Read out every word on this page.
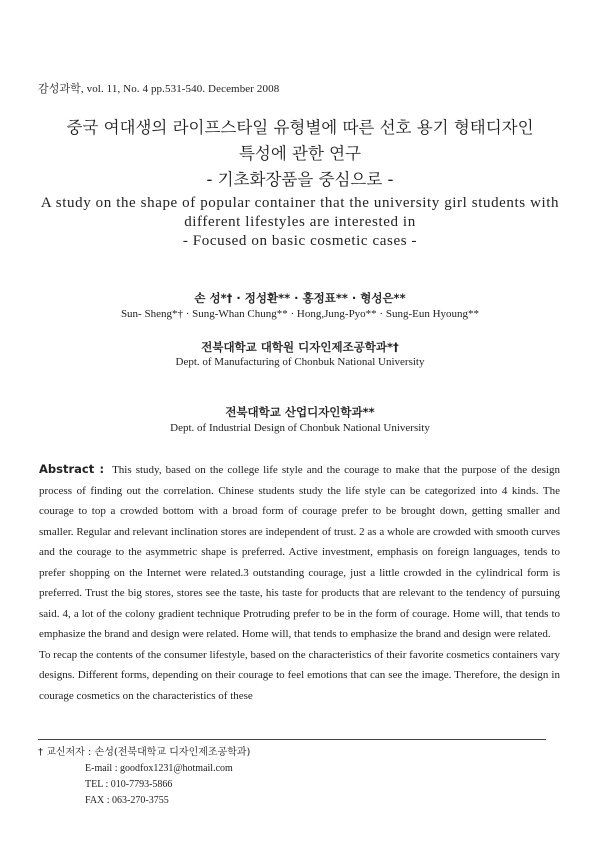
감성과학, vol. 11, No. 4 pp.531-540. December 2008
중국 여대생의 라이프스타일 유형별에 따른 선호 용기 형태디자인
특성에 관한 연구
- 기초화장품을 중심으로 -
A study on the shape of popular container that the university girl students with
different lifestyles are interested in
- Focused on basic cosmetic cases -
손 성*† · 정성환** · 홍정표** · 형성은**
Sun- Sheng*† · Sung-Whan Chung** · Hong,Jung-Pyo** · Sung-Eun Hyoung**
전북대학교 대학원 디자인제조공학과*†
Dept. of Manufacturing of Chonbuk National University
전북대학교 산업디자인학과**
Dept. of Industrial Design of Chonbuk National University

Abstract : This study, based on the college life style and the courage to make that the purpose of the design process of finding out the correlation. Chinese students study the life style can be categorized into 4 kinds. The courage to top a crowded bottom with a broad form of courage prefer to be brought down, getting smaller and smaller. Regular and relevant inclination stores are independent of trust. 2 as a whole are crowded with smooth curves and the courage to the asymmetric shape is preferred. Active investment, emphasis on foreign languages, tends to prefer shopping on the Internet were related.3 outstanding courage, just a little crowded in the cylindrical form is preferred. Trust the big stores, stores see the taste, his taste for products that are relevant to the tendency of pursuing said. 4, a lot of the colony gradient technique Protruding prefer to be in the form of courage. Home will, that tends to emphasize the brand and design were related. Home will, that tends to emphasize the brand and design were related.

To recap the contents of the consumer lifestyle, based on the characteristics of their favorite cosmetics containers vary designs. Different forms, depending on their courage to feel emotions that can see the image. Therefore, the design in courage cosmetics on the characteristics of these

† 교신저자 : 손성(전북대학교 디자인제조공학과)
E-mail : goodfox1231@hotmail.com
TEL : 010-7793-5866
FAX : 063-270-3755
